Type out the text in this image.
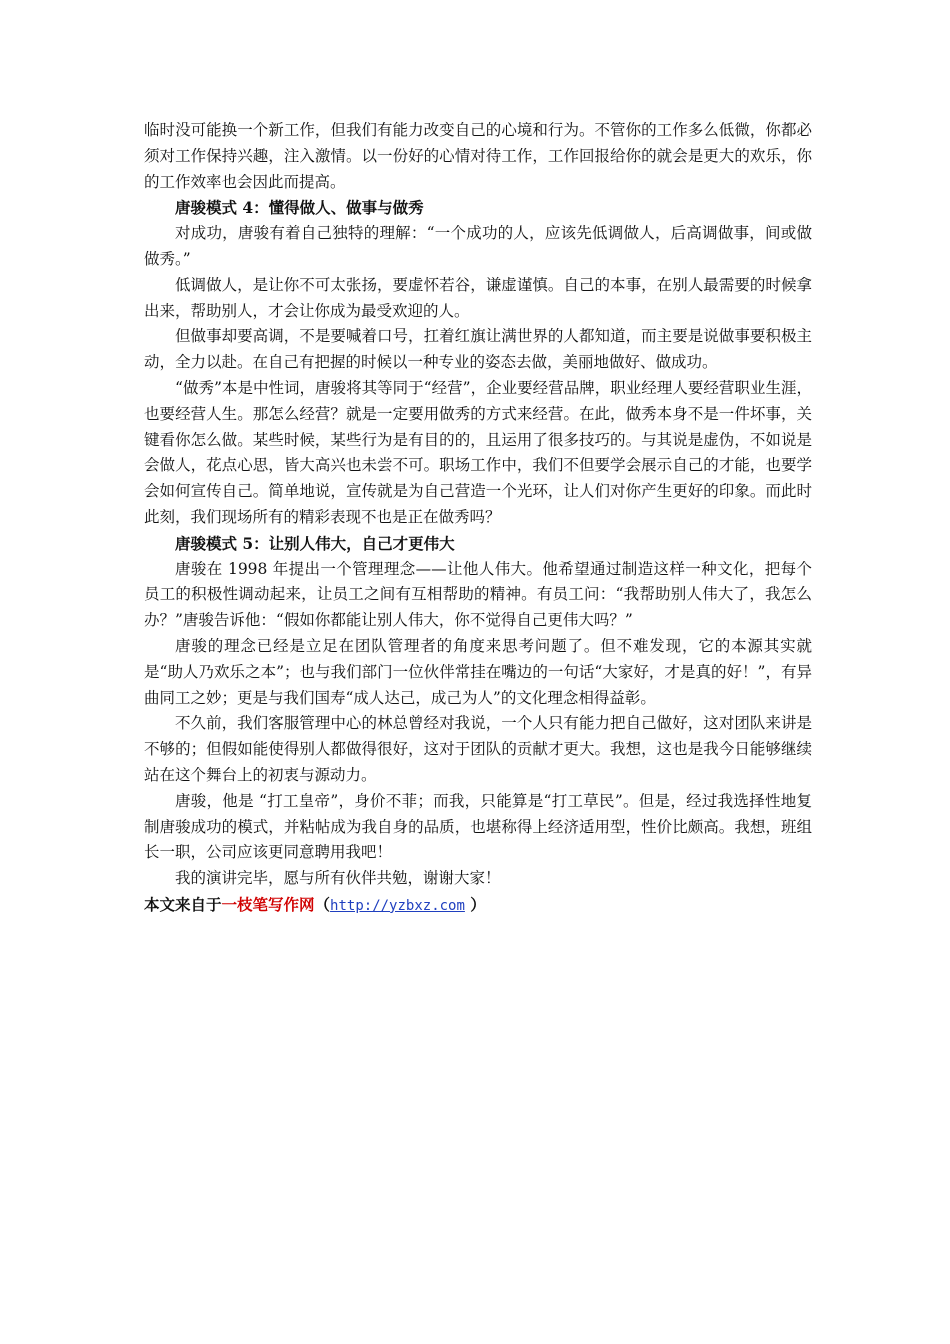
临时没可能换一个新工作，但我们有能力改变自己的心境和行为。不管你的工作多么低微，你都必须对工作保持兴趣，注入激情。以一份好的心情对待工作，工作回报给你的就会是更大的欢乐，你的工作效率也会因此而提高。

唐骏模式 4：懂得做人、做事与做秀

对成功，唐骏有着自己独特的理解：“一个成功的人，应该先低调做人，后高调做事，间或做做秀。”

低调做人，是让你不可太张扬，要虚怀若谷，谦虚谨慎。自己的本事，在别人最需要的时候拿出来，帮助别人，才会让你成为最受欢迎的人。

但做事却要高调，不是要喊着口号，扛着红旗让满世界的人都知道，而主要是说做事要积极主动，全力以赴。在自己有把握的时候以一种专业的姿态去做，美丽地做好、做成功。

“做秀”本是中性词，唐骏将其等同于“经营”，企业要经营品牌，职业经理人要经营职业生涯，也要经营人生。那怎么经营？就是一定要用做秀的方式来经营。在此，做秀本身不是一件坏事，关键看你怎么做。某些时候，某些行为是有目的的，且运用了很多技巧的。与其说是虚伪，不如说是会做人，花点心思，皆大高兴也未尝不可。职场工作中，我们不但要学会展示自己的才能，也要学会如何宣传自己。简单地说，宣传就是为自己营造一个光环，让人们对你产生更好的印象。而此时此刻，我们现场所有的精彩表现不也是正在做秀吗？

唐骏模式 5：让别人伟大，自己才更伟大

唐骏在 1998 年提出一个管理理念——让他人伟大。他希望通过制造这样一种文化，把每个员工的积极性调动起来，让员工之间有互相帮助的精神。有员工问：“我帮助别人伟大了，我怎么办？”唐骏告诉他：“假如你都能让别人伟大，你不觉得自己更伟大吗？”

唐骏的理念已经是立足在团队管理者的角度来思考问题了。但不难发现，它的本源其实就是“助人乃欢乐之本”；也与我们部门一位伙伴常挂在嘴边的一句话“大家好，才是真的好！”，有异曲同工之妙；更是与我们国寿“成人达己，成己为人”的文化理念相得益彰。

不久前，我们客服管理中心的林总曾经对我说，一个人只有能力把自己做好，这对团队来讲是不够的；但假如能使得别人都做得很好，这对于团队的贡献才更大。我想，这也是我今日能够继续站在这个舞台上的初衷与源动力。

唐骏，他是 “打工皇帝”，身价不菲；而我，只能算是“打工草民”。但是，经过我选择性地复制唐骏成功的模式，并粘帖成为我自身的品质，也堪称得上经济适用型，性价比颇高。我想，班组长一职，公司应该更同意聘用我吧！

我的演讲完毕，愿与所有伙伴共勉，谢谢大家！

本文来自于一枝笔写作网（http://yzbxz.com ）
